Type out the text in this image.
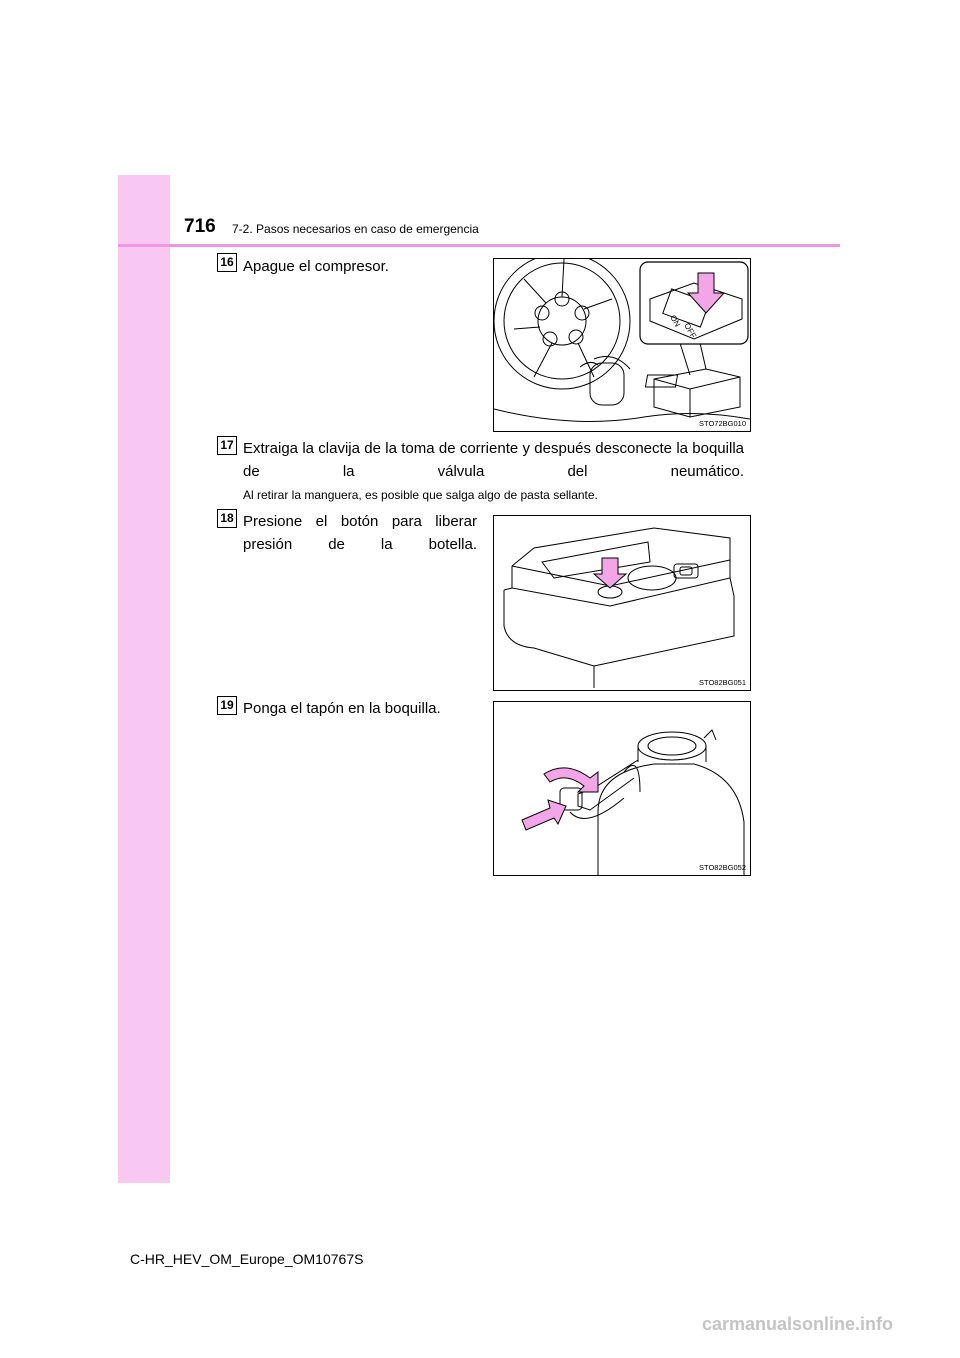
716 7-2. Pasos necesarios en caso de emergencia
16 Apague el compresor.
ON
OFF
STO72BG010
17 Extraiga la clavija de la toma de corriente y después desconecte la boquilla de la válvula del neumático.
Al retirar la manguera, es posible que salga algo de pasta sellante.
18 Presione el botón para liberar presión de la botella.
STO82BG051
19 Ponga el tapón en la boquilla.
STO82BG052
C-HR_HEV_OM_Europe_OM10767S
carmanualsonline.info
